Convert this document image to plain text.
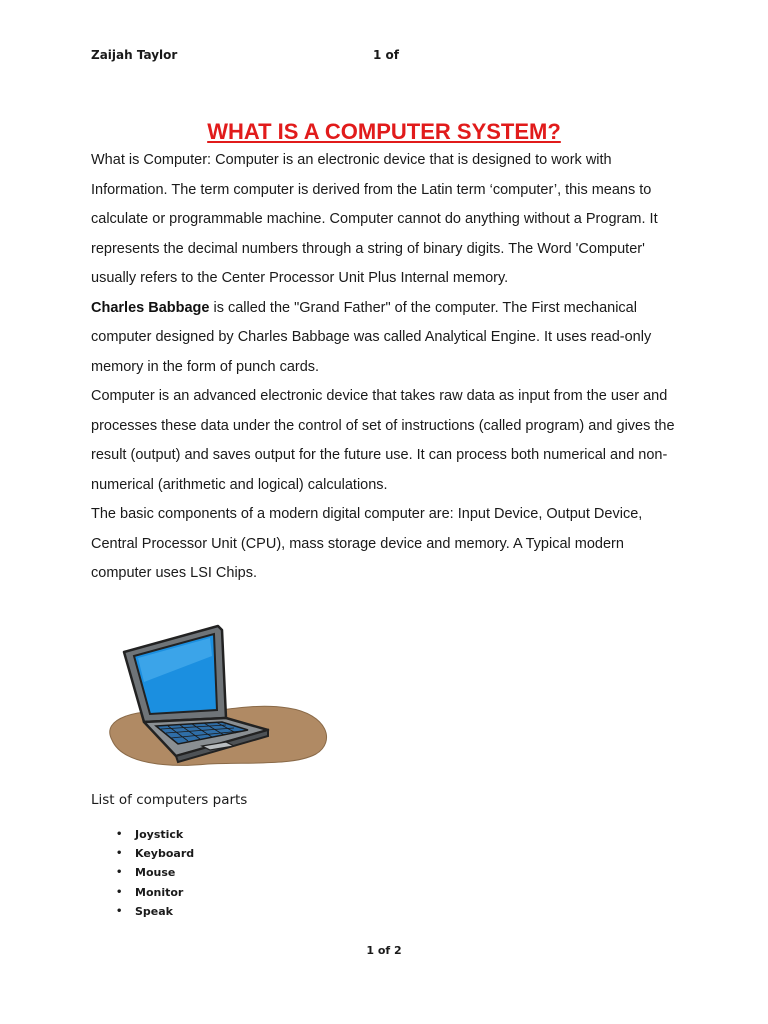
Zaijah Taylor	1 of
WHAT IS A COMPUTER SYSTEM?

What is Computer: Computer is an electronic device that is designed to work with Information. The term computer is derived from the Latin term ‘computer’, this means to calculate or programmable machine. Computer cannot do anything without a Program. It represents the decimal numbers through a string of binary digits. The Word 'Computer' usually refers to the Center Processor Unit Plus Internal memory.

Charles Babbage is called the "Grand Father" of the computer. The First mechanical computer designed by Charles Babbage was called Analytical Engine. It uses read-only memory in the form of punch cards.

Computer is an advanced electronic device that takes raw data as input from the user and processes these data under the control of set of instructions (called program) and gives the result (output) and saves output for the future use. It can process both numerical and non-numerical (arithmetic and logical) calculations.

The basic components of a modern digital computer are: Input Device, Output Device, Central Processor Unit (CPU), mass storage device and memory. A Typical modern computer uses LSI Chips.

List of computers parts
• Joystick
• Keyboard
• Mouse
• Monitor
• Speak
1 of 2
